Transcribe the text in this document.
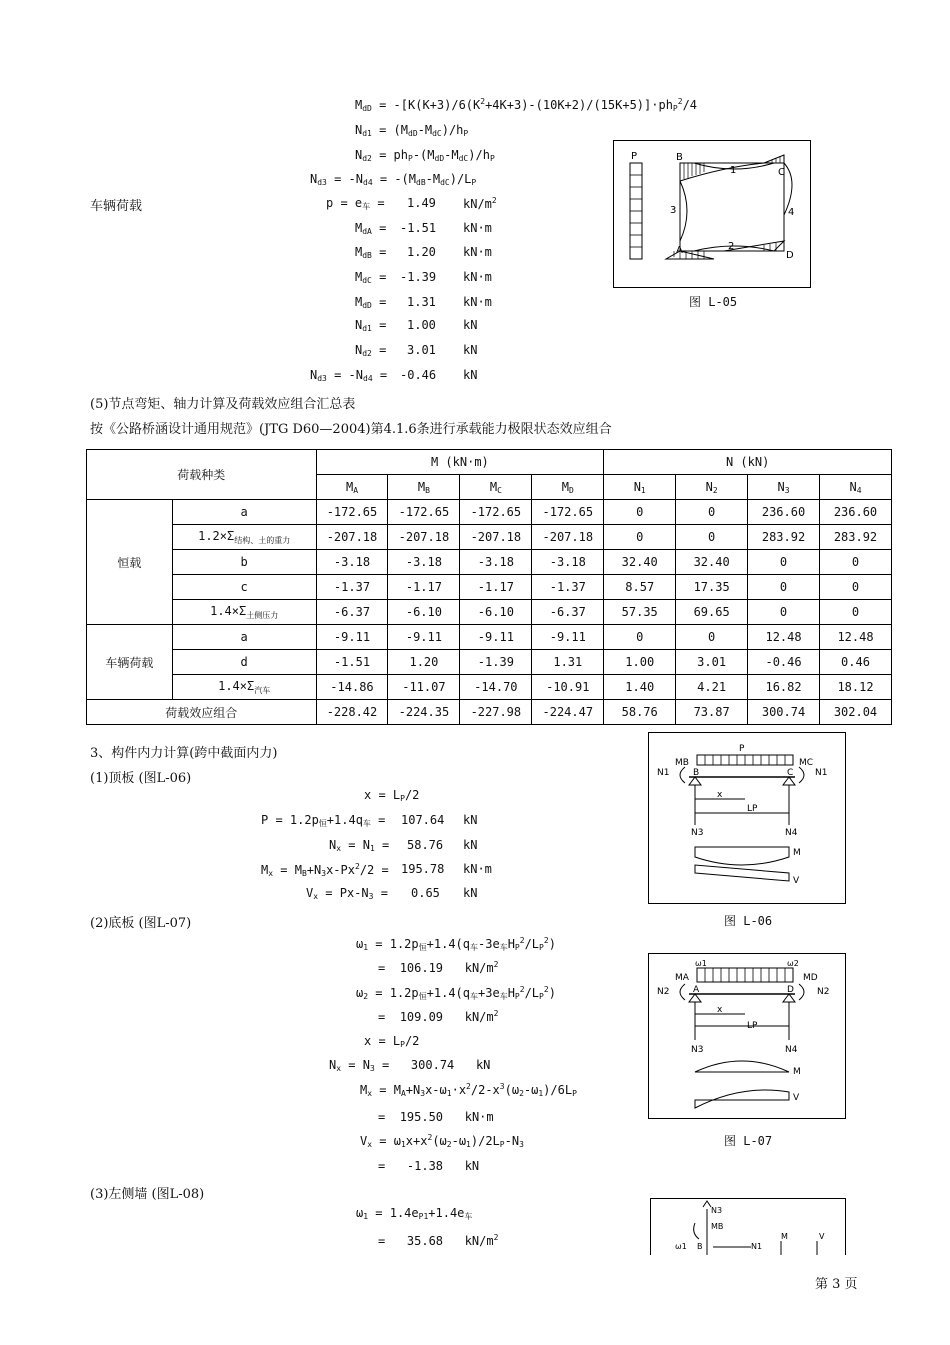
$M_{dD} = -[K(K+3)/6(K^2+4K+3)-(10K+2)/(15K+5)]\cdot ph_P^2/4$
$N_{d1} = (M_{dD}-M_{dC})/h_P$
$N_{d2} = ph_P-(M_{dD}-M_{dC})/h_P$
$N_{d3} = -N_{d4} = -(M_{dB}-M_{dC})/L_P$
车辆荷载	$p = e_车 = 1.49$ $kN/m^2$
$M_{dA} = -1.51$ kN·m
$M_{dB} = 1.20$ kN·m
$M_{dC} = -1.39$ kN·m
$M_{dD} = 1.31$ kN·m
$N_{d1} = 1.00$ kN
$N_{d2} = 3.01$ kN
$N_{d3} = -N_{d4} = -0.46$ kN
P	B
C
A	D
1
2
3	4
图 L-05
(5)节点弯矩、轴力计算及荷载效应组合汇总表
按《公路桥涵设计通用规范》(JTG D60—2004)第4.1.6条进行承载能力极限状态效应组合
荷载种类		M (kN·m)				N (kN)			
		$M_A$	$M_B$	$M_C$	$M_D$	$N_1$	$N_2$	$N_3$	$N_4$
恒载	a	-172.65	-172.65	-172.65	-172.65	0	0	236.60	236.60
	$1.2\times\Sigma_{结构、土的重力}$	-207.18	-207.18	-207.18	-207.18	0	0	283.92	283.92
	b	-3.18	-3.18	-3.18	-3.18	32.40	32.40	0	0
	c	-1.37	-1.17	-1.17	-1.37	8.57	17.35	0	0
	$1.4\times\Sigma_{土侧压力}$	-6.37	-6.10	-6.10	-6.37	57.35	69.65	0	0
车辆荷载	a	-9.11	-9.11	-9.11	-9.11	0	0	12.48	12.48
	d	-1.51	1.20	-1.39	1.31	1.00	3.01	-0.46	0.46
	$1.4\times\Sigma_{汽车}$	-14.86	-11.07	-14.70	-10.91	1.40	4.21	16.82	18.12
荷载效应组合		-228.42	-224.35	-227.98	-224.47	58.76	73.87	300.74	302.04
3、构件内力计算(跨中截面内力)
(1)顶板 (图L-06)
$x = L_P/2$
$P = 1.2p_恒+1.4q_车 = 107.64$ kN
$N_x = N_1 = 58.76$ kN
$M_x = M_B+N_3x-Px^2/2 = 195.78$ kN·m
$V_x = Px-N_3 = 0.65$ kN
P
MB	MC
N1	N1
B	C
x
LP
N3	N4
M
V
图 L-06
(2)底板 (图L-07)
$\omega_1 = 1.2p_恒+1.4(q_车-3e_车H_P^2/L_P^2)$
=  106.19   $kN/m^2$
$\omega_2 = 1.2p_恒+1.4(q_车+3e_车H_P^2/L_P^2)$
=  109.09   $kN/m^2$
$x = L_P/2$
$N_x = N_3 = 300.74$   kN
$M_x = M_A+N_3x-\omega_1\cdot x^2/2-x^3(\omega_2-\omega_1)/6L_P$
=  195.50   kN·m
$V_x = \omega_1x+x^2(\omega_2-\omega_1)/2L_P-N_3$
=   -1.38   kN
ω1	ω2
MA	MD
N2	N2
A	D
x
LP
N3	N4
M
V
图 L-07
(3)左侧墙 (图L-08)
$\omega_1 = 1.4e_{P1}+1.4e_车$
=   35.68   $kN/m^2$
N3
MB
ω1 B	N1
M	V
第 3 页
